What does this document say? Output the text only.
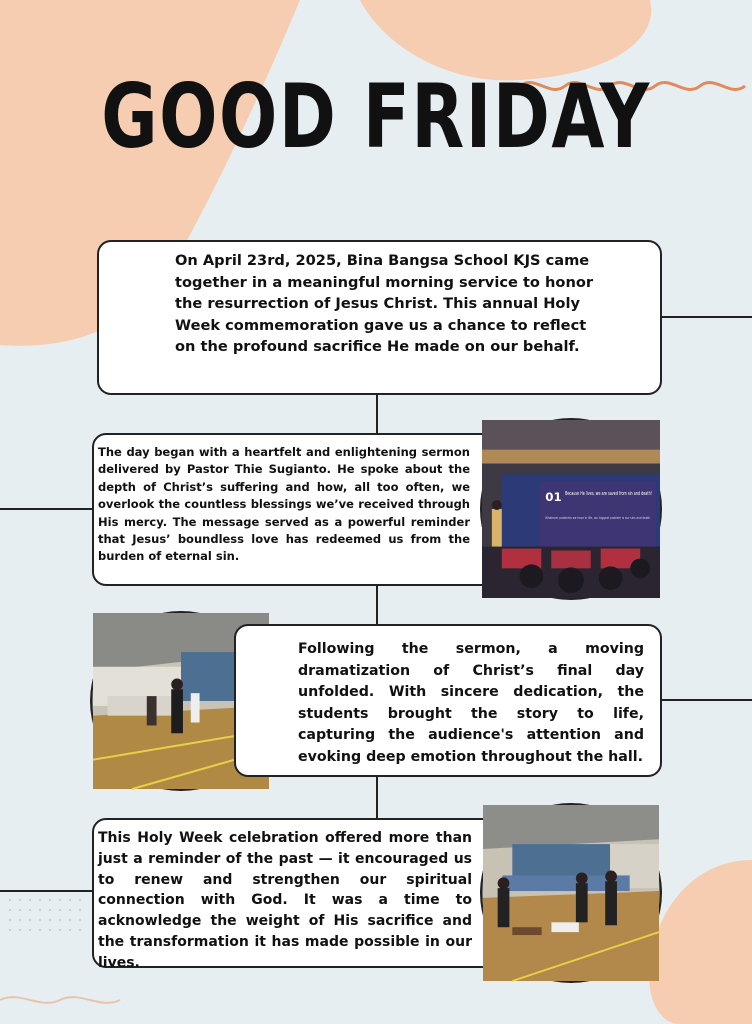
GOOD FRIDAY

On April 23rd, 2025, Bina Bangsa School KJS came together in a meaningful morning service to honor the resurrection of Jesus Christ. This annual Holy Week commemoration gave us a chance to reflect on the profound sacrifice He made on our behalf.

The day began with a heartfelt and enlightening sermon delivered by Pastor Thie Sugianto. He spoke about the depth of Christ’s suffering and how, all too often, we overlook the countless blessings we’ve received through His mercy. The message served as a powerful reminder that Jesus’ boundless love has redeemed us from the burden of eternal sin.

01 Because He lives, we are saved from sin and death!
Whatever problems we have in life, our biggest problem is our sins and death

Following the sermon, a moving dramatization of Christ’s final day unfolded. With sincere dedication, the students brought the story to life, capturing the audience's attention and evoking deep emotion throughout the hall.

This Holy Week celebration offered more than just a reminder of the past — it encouraged us to renew and strengthen our spiritual connection with God. It was a time to acknowledge the weight of His sacrifice and the transformation it has made possible in our lives.
